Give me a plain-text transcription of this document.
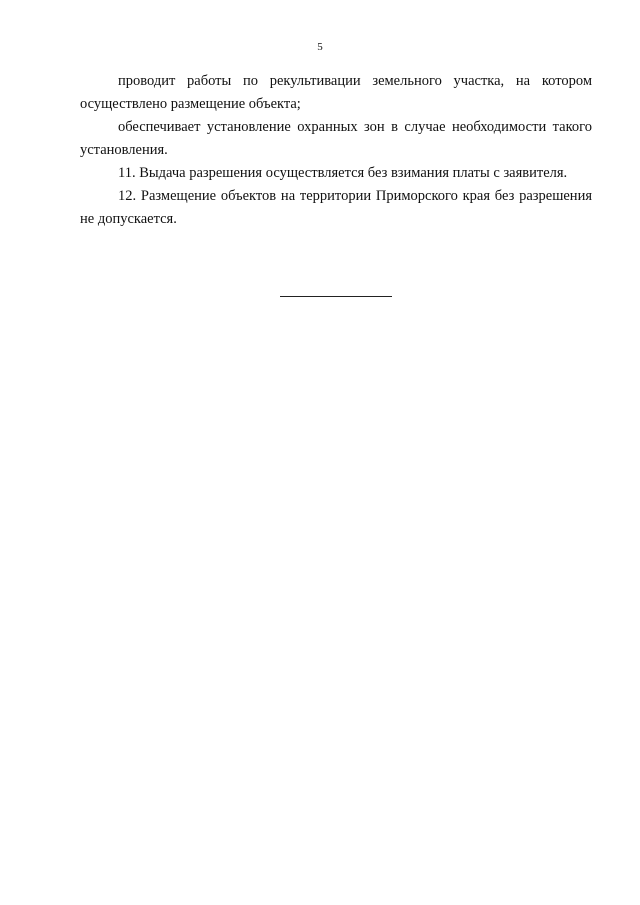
5

проводит работы по рекультивации земельного участка, на котором осуществлено размещение объекта;

обеспечивает установление охранных зон в случае необходимости такого установления.

11. Выдача разрешения осуществляется без взимания платы с заявителя.

12. Размещение объектов на территории Приморского края без разрешения не допускается.
